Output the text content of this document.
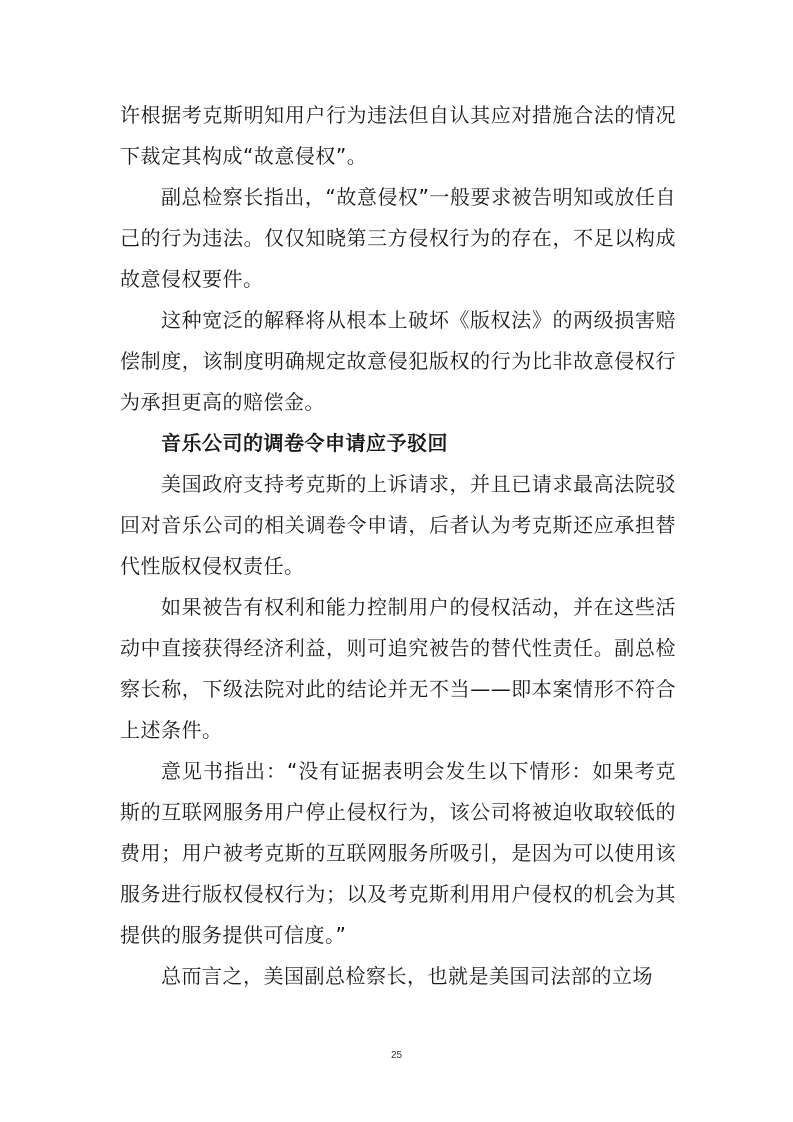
许根据考克斯明知用户行为违法但自认其应对措施合法的情况下裁定其构成“故意侵权”。

副总检察长指出，“故意侵权”一般要求被告明知或放任自己的行为违法。仅仅知晓第三方侵权行为的存在，不足以构成故意侵权要件。

这种宽泛的解释将从根本上破坏《版权法》的两级损害赔偿制度，该制度明确规定故意侵犯版权的行为比非故意侵权行为承担更高的赔偿金。

音乐公司的调卷令申请应予驳回

美国政府支持考克斯的上诉请求，并且已请求最高法院驳回对音乐公司的相关调卷令申请，后者认为考克斯还应承担替代性版权侵权责任。

如果被告有权利和能力控制用户的侵权活动，并在这些活动中直接获得经济利益，则可追究被告的替代性责任。副总检察长称，下级法院对此的结论并无不当——即本案情形不符合上述条件。

意见书指出：“没有证据表明会发生以下情形：如果考克斯的互联网服务用户停止侵权行为，该公司将被迫收取较低的费用；用户被考克斯的互联网服务所吸引，是因为可以使用该服务进行版权侵权行为；以及考克斯利用用户侵权的机会为其提供的服务提供可信度。”

总而言之，美国副总检察长，也就是美国司法部的立场

25
